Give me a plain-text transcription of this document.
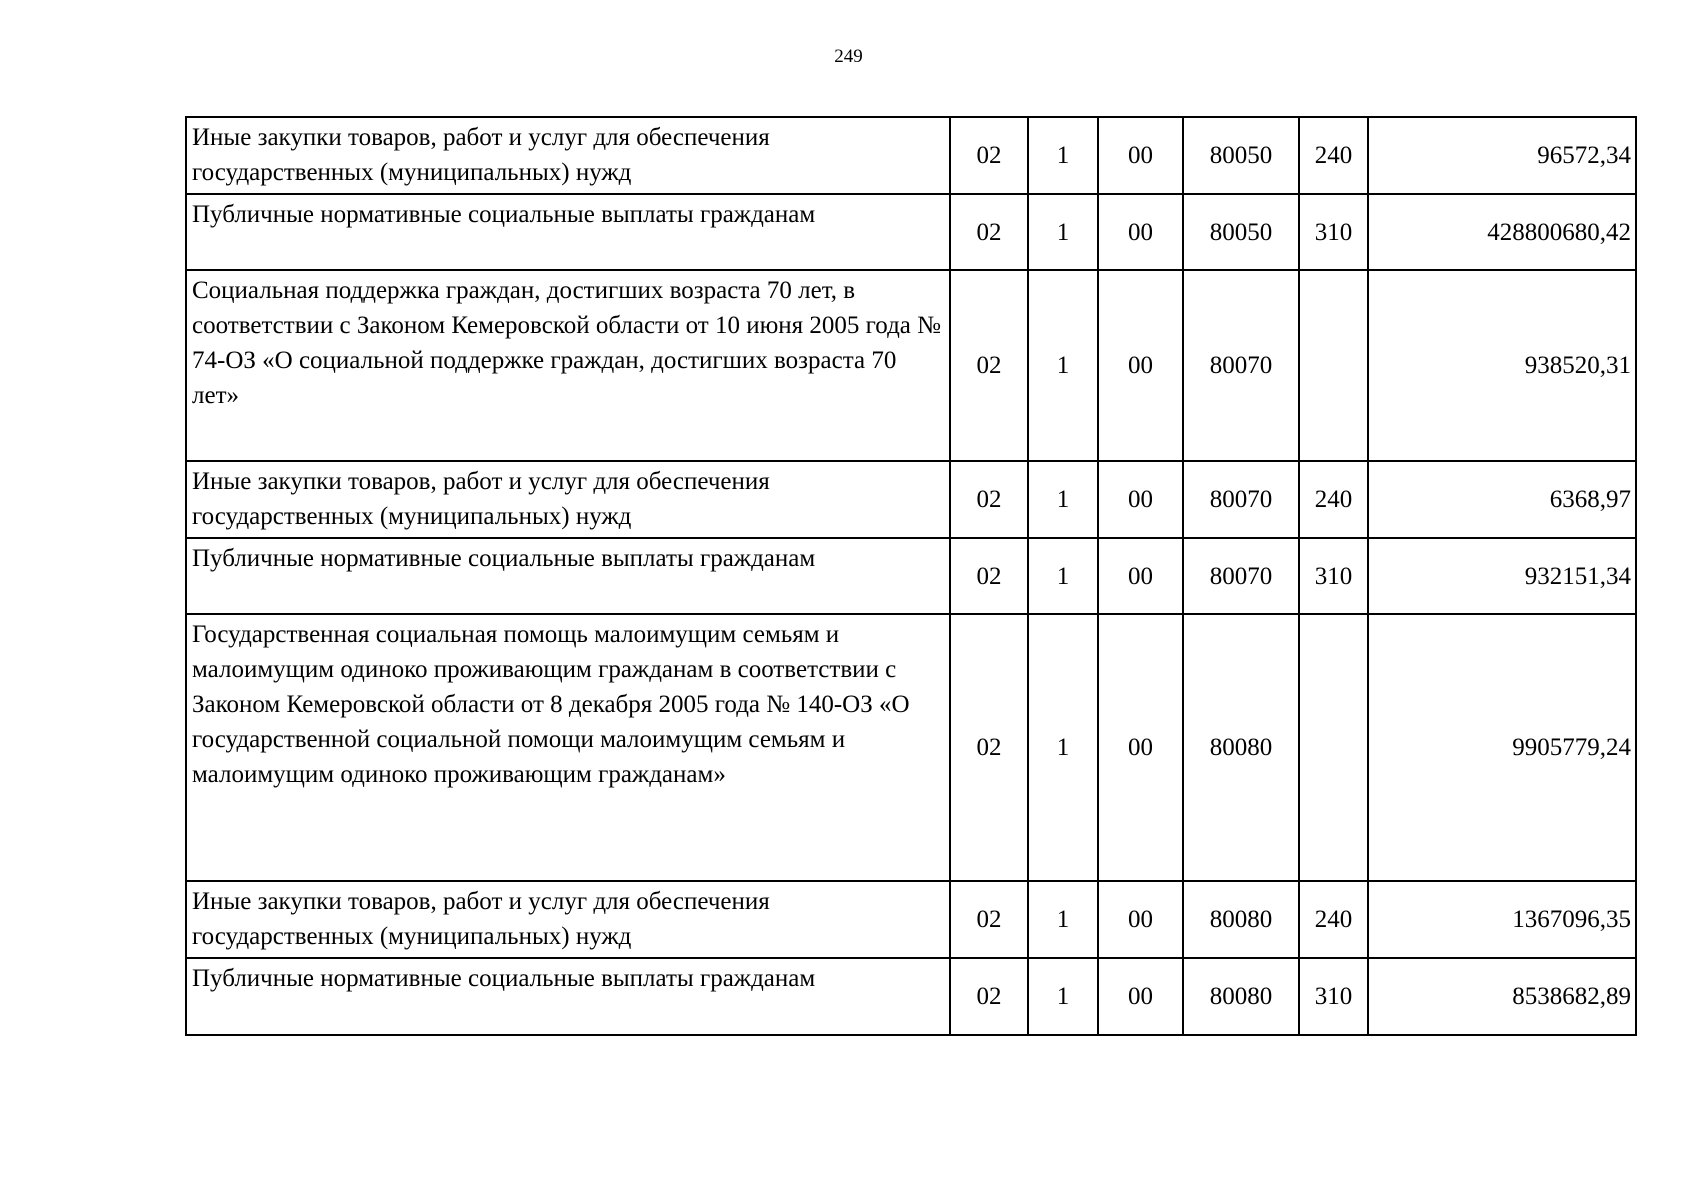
249
Иные закупки товаров, работ и услуг для обеспечения государственных (муниципальных) нужд	02	1	00	80050	240	96572,34

Публичные нормативные социальные выплаты гражданам	02	1	00	80050	310	428800680,42

Социальная поддержка граждан, достигших возраста 70 лет, в соответствии с Законом Кемеровской области от 10 июня 2005 года № 74-ОЗ «О социальной поддержке граждан, достигших возраста 70 лет»	02	1	00	80070		938520,31

Иные закупки товаров, работ и услуг для обеспечения государственных (муниципальных) нужд	02	1	00	80070	240	6368,97

Публичные нормативные социальные выплаты гражданам	02	1	00	80070	310	932151,34

Государственная социальная помощь малоимущим семьям и малоимущим одиноко проживающим гражданам в соответствии с Законом Кемеровской области от 8 декабря 2005 года № 140-ОЗ «О государственной социальной помощи малоимущим семьям и малоимущим одиноко проживающим гражданам»	02	1	00	80080		9905779,24

Иные закупки товаров, работ и услуг для обеспечения государственных (муниципальных) нужд	02	1	00	80080	240	1367096,35

Публичные нормативные социальные выплаты гражданам	02	1	00	80080	310	8538682,89
